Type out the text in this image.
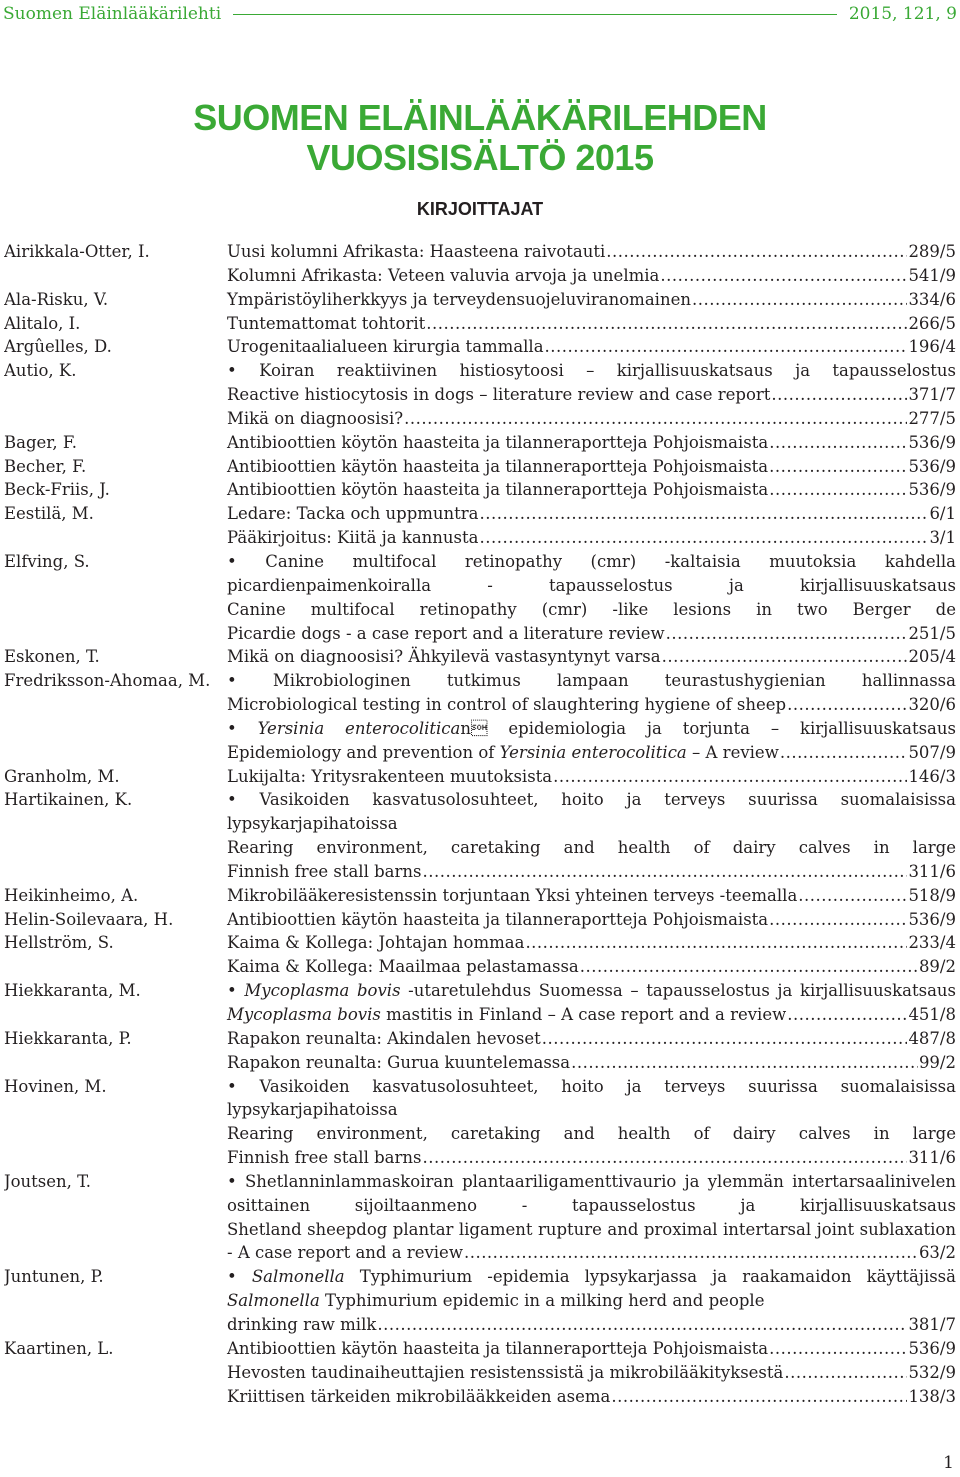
Suomen Eläinlääkärilehti	2015, 121, 9
SUOMEN ELÄINLÄÄKÄRILEHDEN
VUOSISISÄLTÖ 2015
KIRJOITTAJAT
Airikkala-Otter, I.	Uusi kolumni Afrikasta: Haasteena raivotauti .....	289/5
Kolumni Afrikasta: Veteen valuvia arvoja ja unelmia .....	541/9
Ala-Risku, V.	Ympäristöyliherkkyys ja terveydensuojeluviranomainen .....	334/6
Alitalo, I.	Tuntemattomat tohtorit .....	266/5
Argûelles, D.	Urogenitaalialueen kirurgia tammalla .....	196/4
Autio, K.	• Koiran reaktiivinen histiosytoosi – kirjallisuuskatsaus ja tapausselostus
Reactive histiocytosis in dogs – literature review and case report .....	371/7
Mikä on diagnoosisi? .....	277/5
Bager, F.	Antibioottien köytön haasteita ja tilanneraportteja Pohjoismaista .....	536/9
Becher, F.	Antibioottien käytön haasteita ja tilanneraportteja Pohjoismaista .....	536/9
Beck-Friis, J.	Antibioottien köytön haasteita ja tilanneraportteja Pohjoismaista .....	536/9
Eestilä, M.	Ledare: Tacka och uppmuntra .....	6/1
Pääkirjoitus: Kiitä ja kannusta .....	3/1
Elfving, S.	• Canine multifocal retinopathy (cmr) -kaltaisia muutoksia kahdella
picardienpaimenkoiralla - tapausselostus ja kirjallisuuskatsaus
Canine multifocal retinopathy (cmr) -like lesions in two Berger de
Picardie dogs - a case report and a literature review .....	251/5
Eskonen, T.	Mikä on diagnoosisi? Ähkyilevä vastasyntynyt varsa .....	205/4
Fredriksson-Ahomaa, M.	• Mikrobiologinen tutkimus lampaan teurastushygienian hallinnassa
Microbiological testing in control of slaughtering hygiene of sheep .....	320/6
• Yersinia enterocolitican epidemiologia ja torjunta – kirjallisuuskatsaus
Epidemiology and prevention of Yersinia enterocolitica – A review .....	507/9
Granholm, M.	Lukijalta: Yritysrakenteen muutoksista .....	146/3
Hartikainen, K.	• Vasikoiden kasvatusolosuhteet, hoito ja terveys suurissa suomalaisissa
lypsykarjapihatoissa
Rearing environment, caretaking and health of dairy calves in large
Finnish free stall barns .....	311/6
Heikinheimo, A.	Mikrobilääkeresistenssin torjuntaan Yksi yhteinen terveys -teemalla .....	518/9
Helin-Soilevaara, H.	Antibioottien käytön haasteita ja tilanneraportteja Pohjoismaista .....	536/9
Hellström, S.	Kaima & Kollega: Johtajan hommaa .....	233/4
Kaima & Kollega: Maailmaa pelastamassa .....	89/2
Hiekkaranta, M.	• Mycoplasma bovis -utaretulehdus Suomessa – tapausselostus ja kirjallisuuskatsaus
Mycoplasma bovis mastitis in Finland – A case report and a review .....	451/8
Hiekkaranta, P.	Rapakon reunalta: Akindalen hevoset .....	487/8
Rapakon reunalta: Gurua kuuntelemassa .....	99/2
Hovinen, M.	• Vasikoiden kasvatusolosuhteet, hoito ja terveys suurissa suomalaisissa
lypsykarjapihatoissa
Rearing environment, caretaking and health of dairy calves in large
Finnish free stall barns .....	311/6
Joutsen, T.	• Shetlanninlammaskoiran plantaariligamenttivaurio ja ylemmän intertarsaalinivelen
osittainen sijoiltaanmeno - tapausselostus ja kirjallisuuskatsaus
Shetland sheepdog plantar ligament rupture and proximal intertarsal joint sublaxation
- A case report and a review .....	63/2
Juntunen, P.	• Salmonella Typhimurium -epidemia lypsykarjassa ja raakamaidon käyttäjissä
Salmonella Typhimurium epidemic in a milking herd and people
drinking raw milk .....	381/7
Kaartinen, L.	Antibioottien käytön haasteita ja tilanneraportteja Pohjoismaista .....	536/9
Hevosten taudinaiheuttajien resistenssistä ja mikrobilääkityksestä .....	532/9
Kriittisen tärkeiden mikrobilääkkeiden asema .....	138/3
1
